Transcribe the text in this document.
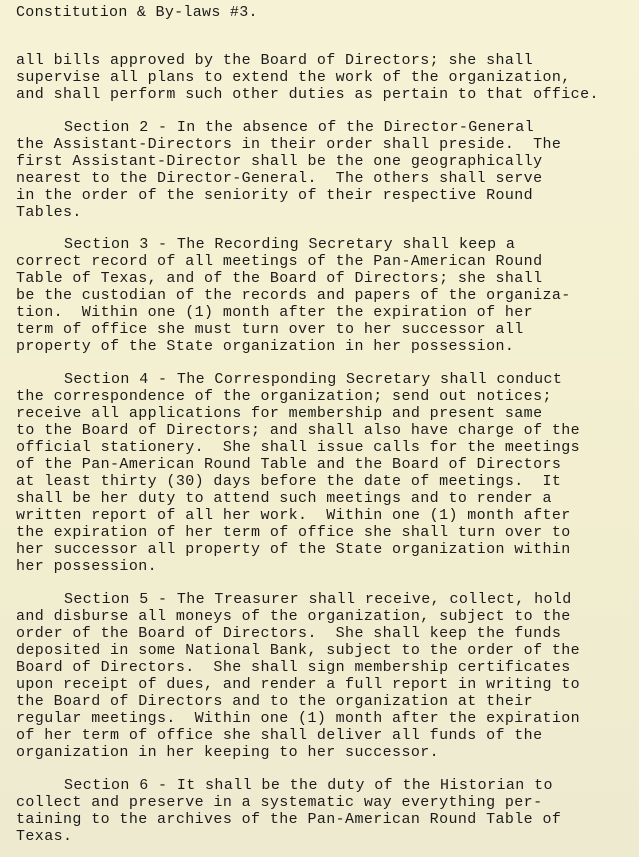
Constitution & By-laws #3.
all bills approved by the Board of Directors; she shall
supervise all plans to extend the work of the organization,
and shall perform such other duties as pertain to that office.
Section 2 - In the absence of the Director-General
the Assistant-Directors in their order shall preside.  The
first Assistant-Director shall be the one geographically
nearest to the Director-General.  The others shall serve
in the order of the seniority of their respective Round
Tables.
Section 3 - The Recording Secretary shall keep a
correct record of all meetings of the Pan-American Round
Table of Texas, and of the Board of Directors; she shall
be the custodian of the records and papers of the organiza-
tion.  Within one (1) month after the expiration of her
term of office she must turn over to her successor all
property of the State organization in her possession.
Section 4 - The Corresponding Secretary shall conduct
the correspondence of the organization; send out notices;
receive all applications for membership and present same
to the Board of Directors; and shall also have charge of the
official stationery.  She shall issue calls for the meetings
of the Pan-American Round Table and the Board of Directors
at least thirty (30) days before the date of meetings.  It
shall be her duty to attend such meetings and to render a
written report of all her work.  Within one (1) month after
the expiration of her term of office she shall turn over to
her successor all property of the State organization within
her possession.
Section 5 - The Treasurer shall receive, collect, hold
and disburse all moneys of the organization, subject to the
order of the Board of Directors.  She shall keep the funds
deposited in some National Bank, subject to the order of the
Board of Directors.  She shall sign membership certificates
upon receipt of dues, and render a full report in writing to
the Board of Directors and to the organization at their
regular meetings.  Within one (1) month after the expiration
of her term of office she shall deliver all funds of the
organization in her keeping to her successor.
Section 6 - It shall be the duty of the Historian to
collect and preserve in a systematic way everything per-
taining to the archives of the Pan-American Round Table of
Texas.
